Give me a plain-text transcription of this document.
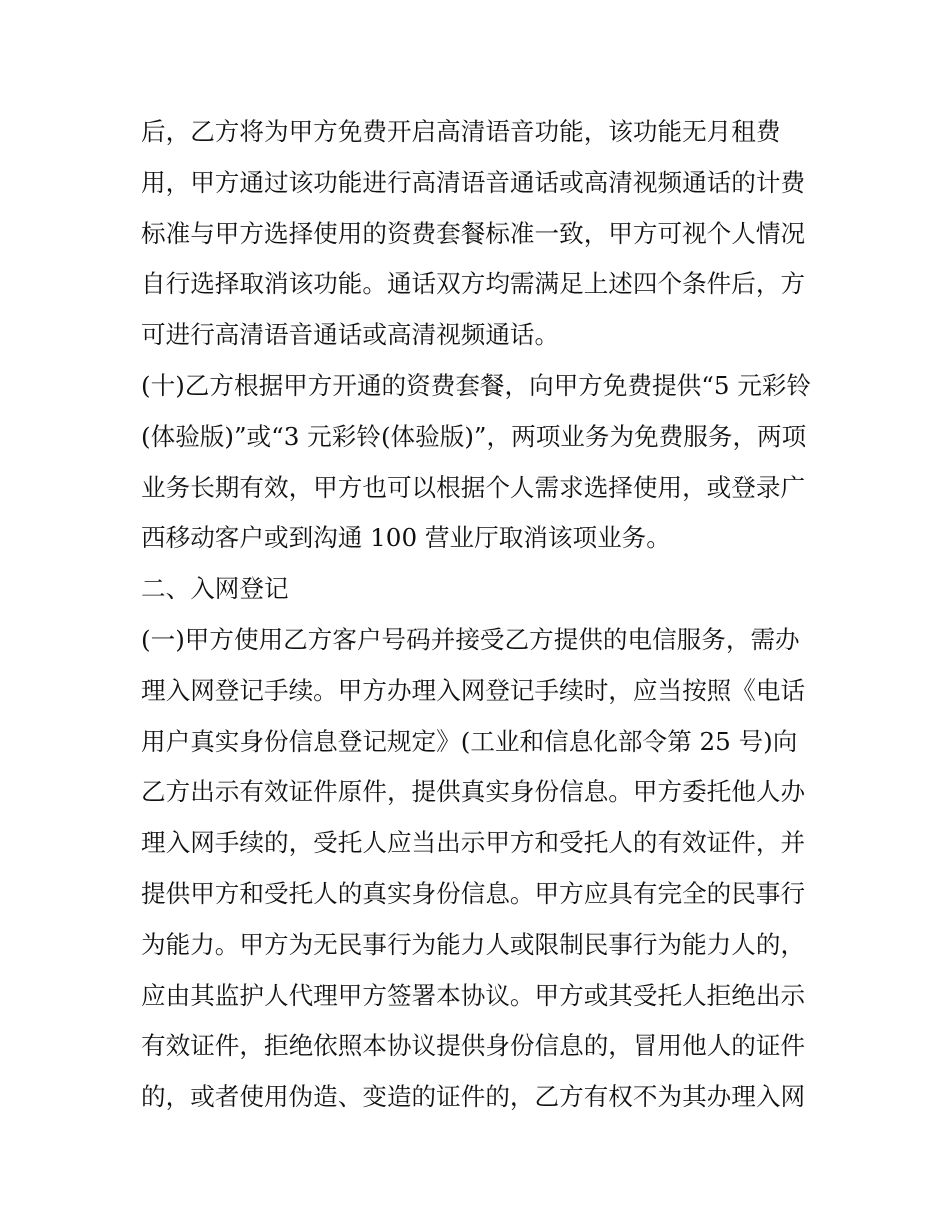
后，乙方将为甲方免费开启高清语音功能，该功能无月租费
用，甲方通过该功能进行高清语音通话或高清视频通话的计费
标准与甲方选择使用的资费套餐标准一致，甲方可视个人情况
自行选择取消该功能。通话双方均需满足上述四个条件后，方
可进行高清语音通话或高清视频通话。
(十)乙方根据甲方开通的资费套餐，向甲方免费提供“5 元彩铃
(体验版)”或“3 元彩铃(体验版)”，两项业务为免费服务，两项
业务长期有效，甲方也可以根据个人需求选择使用，或登录广
西移动客户或到沟通 100 营业厅取消该项业务。
二、入网登记
(一)甲方使用乙方客户号码并接受乙方提供的电信服务，需办
理入网登记手续。甲方办理入网登记手续时，应当按照《电话
用户真实身份信息登记规定》(工业和信息化部令第 25 号)向
乙方出示有效证件原件，提供真实身份信息。甲方委托他人办
理入网手续的，受托人应当出示甲方和受托人的有效证件，并
提供甲方和受托人的真实身份信息。甲方应具有完全的民事行
为能力。甲方为无民事行为能力人或限制民事行为能力人的，
应由其监护人代理甲方签署本协议。甲方或其受托人拒绝出示
有效证件，拒绝依照本协议提供身份信息的，冒用他人的证件
的，或者使用伪造、变造的证件的，乙方有权不为其办理入网
